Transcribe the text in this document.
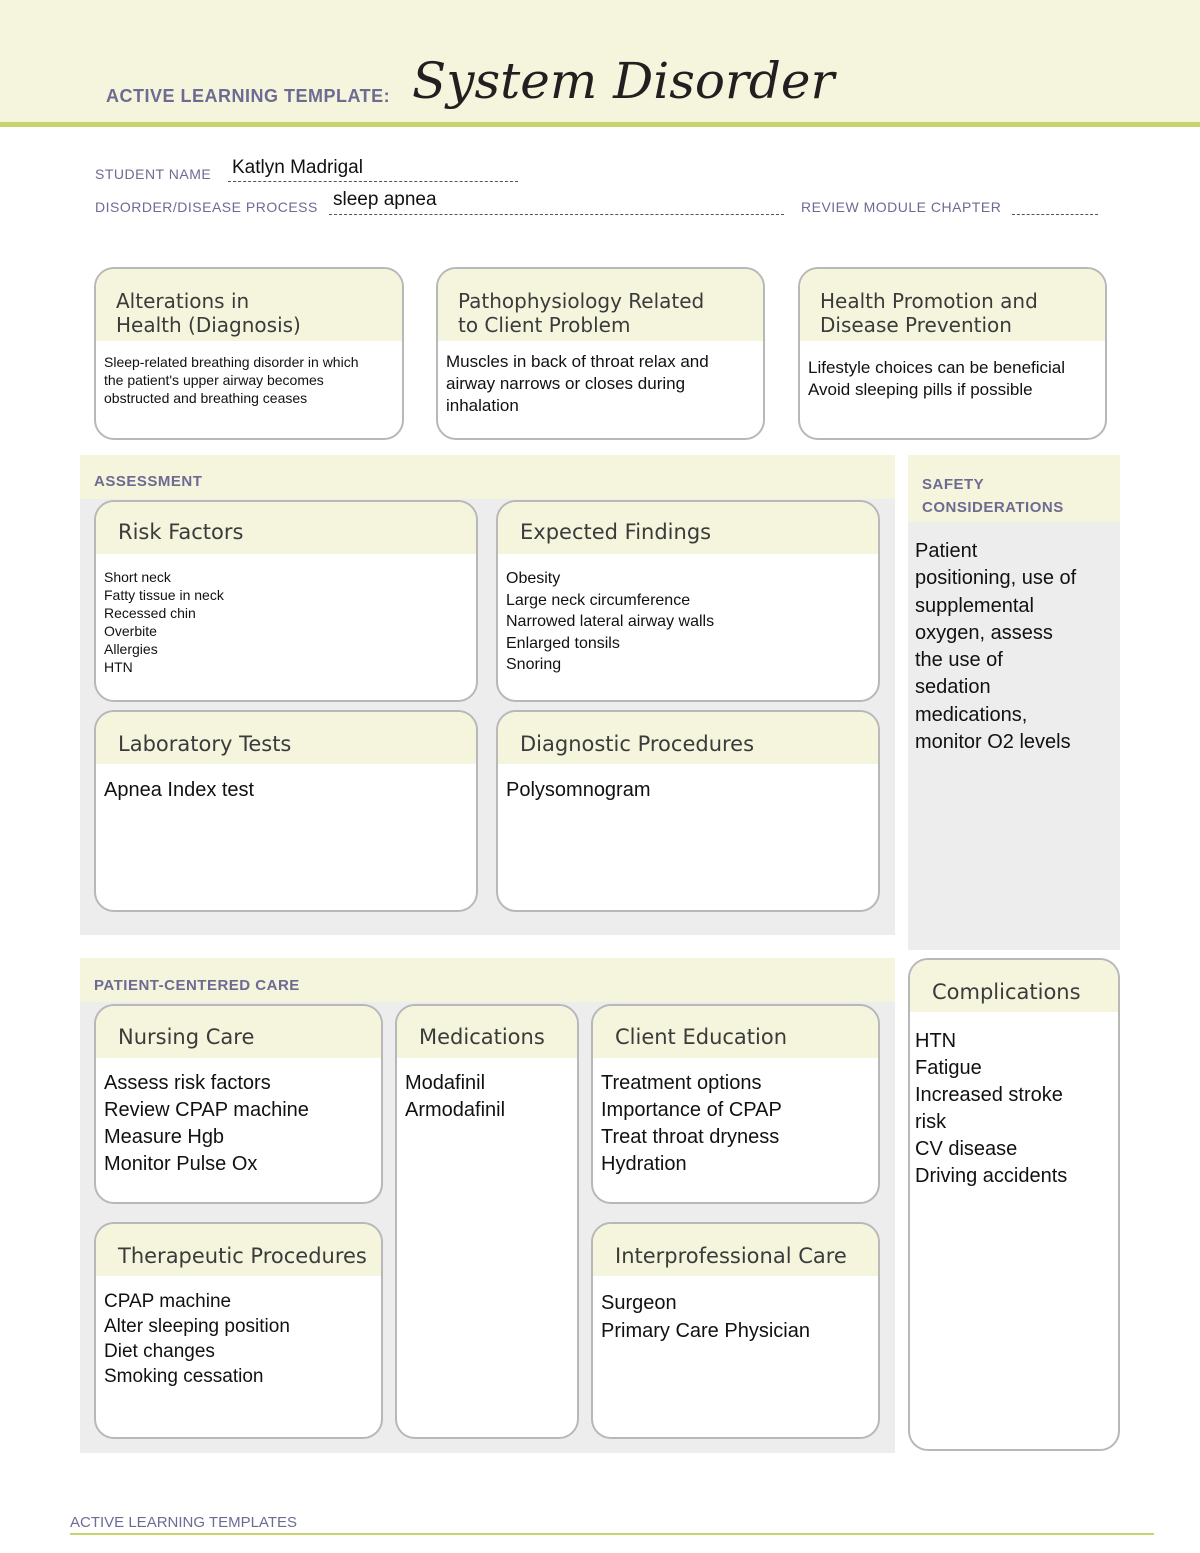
ACTIVE LEARNING TEMPLATE: System Disorder
STUDENT NAME Katlyn Madrigal
DISORDER/DISEASE PROCESS sleep apnea	REVIEW MODULE CHAPTER
Alterations in
Health (Diagnosis)
Sleep-related breathing disorder in which
the patient's upper airway becomes
obstructed and breathing ceases
Pathophysiology Related
to Client Problem
Muscles in back of throat relax and
airway narrows or closes during
inhalation
Health Promotion and
Disease Prevention
Lifestyle choices can be beneficial
Avoid sleeping pills if possible
ASSESSMENT
Risk Factors
Short neck
Fatty tissue in neck
Recessed chin
Overbite
Allergies
HTN
Expected Findings
Obesity
Large neck circumference
Narrowed lateral airway walls
Enlarged tonsils
Snoring
Laboratory Tests
Apnea Index test
Diagnostic Procedures
Polysomnogram
SAFETY
CONSIDERATIONS
Patient
positioning, use of
supplemental
oxygen, assess
the use of
sedation
medications,
monitor O2 levels
PATIENT-CENTERED CARE
Nursing Care
Assess risk factors
Review CPAP machine
Measure Hgb
Monitor Pulse Ox
Medications
Modafinil
Armodafinil
Client Education
Treatment options
Importance of CPAP
Treat throat dryness
Hydration
Therapeutic Procedures
CPAP machine
Alter sleeping position
Diet changes
Smoking cessation
Interprofessional Care
Surgeon
Primary Care Physician
Complications
HTN
Fatigue
Increased stroke
risk
CV disease
Driving accidents
ACTIVE LEARNING TEMPLATES
